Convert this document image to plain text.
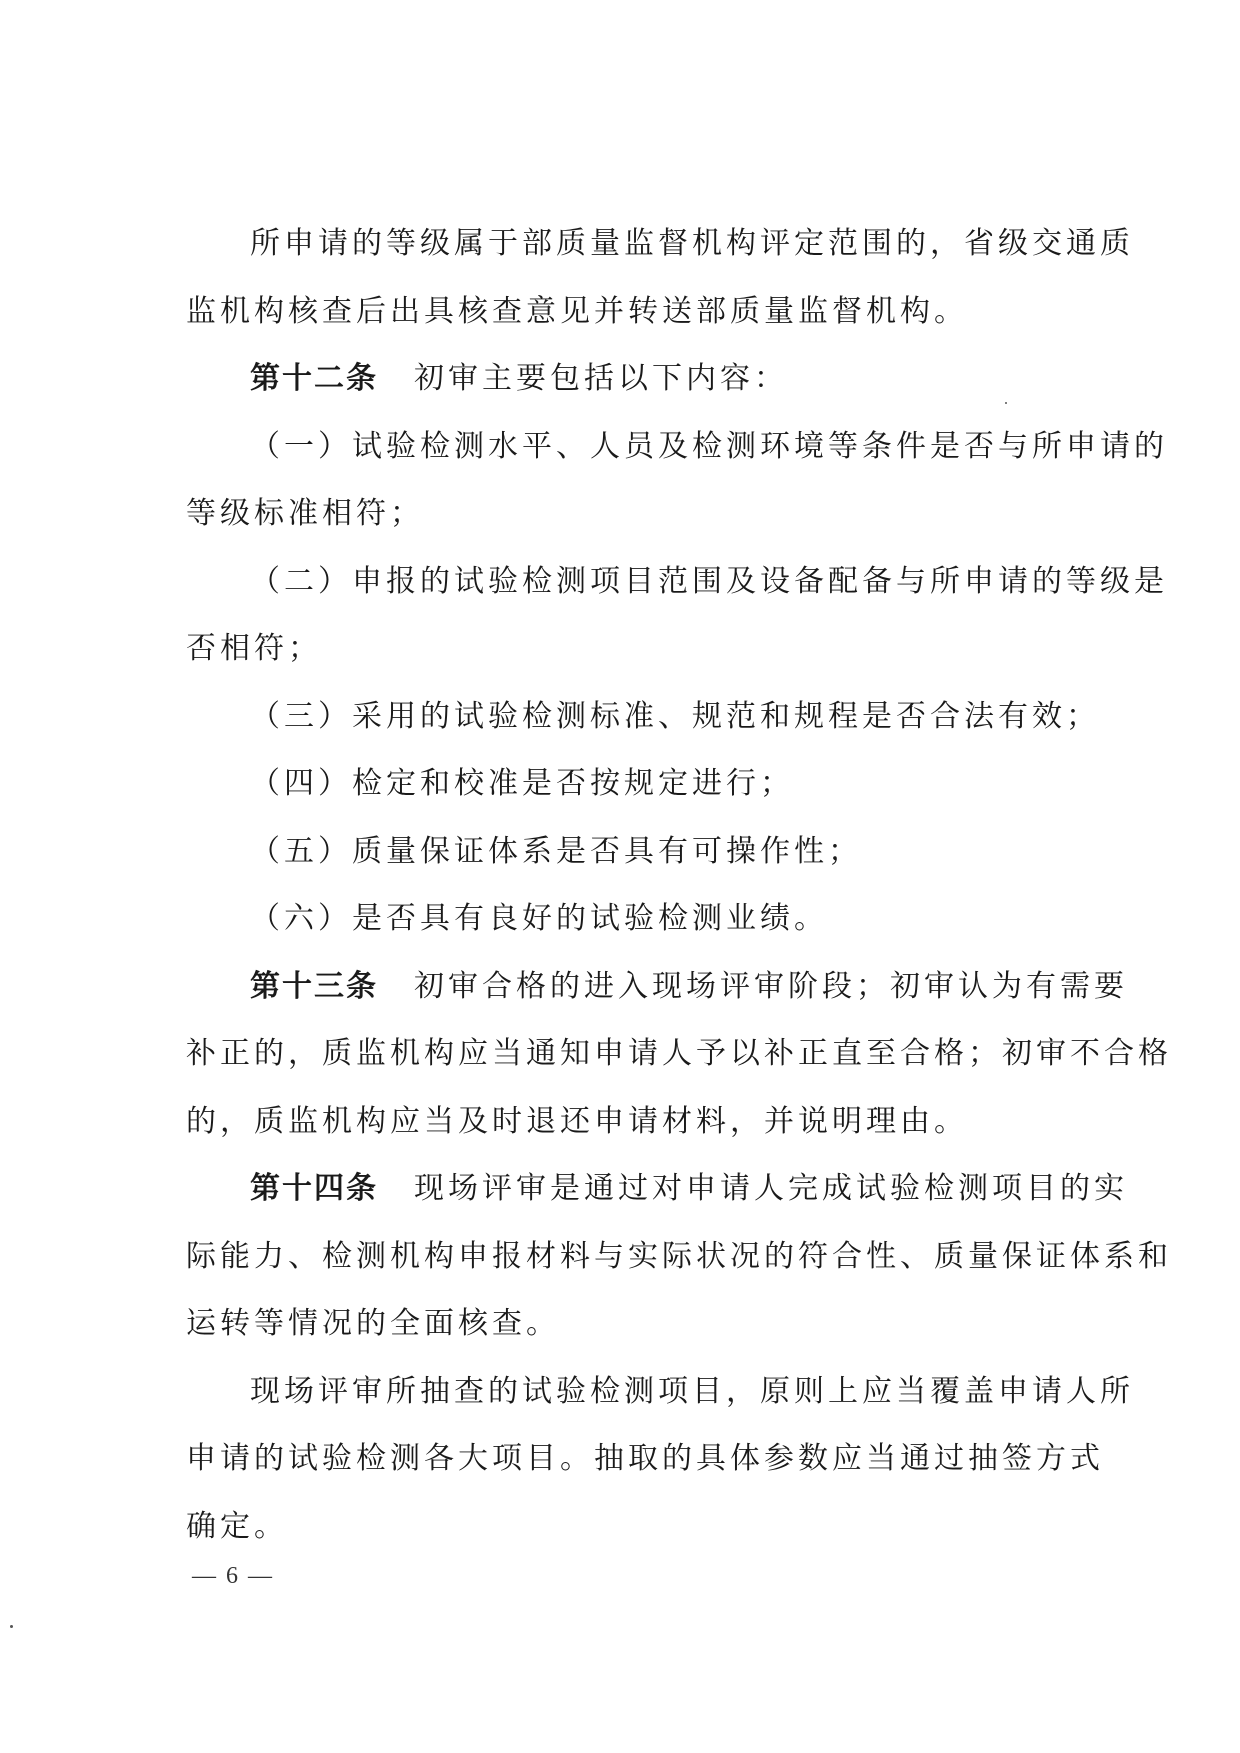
所申请的等级属于部质量监督机构评定范围的，省级交通质
监机构核查后出具核查意见并转送部质量监督机构。
第十二条 初审主要包括以下内容：
（一）试验检测水平、人员及检测环境等条件是否与所申请的
等级标准相符；
（二）申报的试验检测项目范围及设备配备与所申请的等级是
否相符；
（三）采用的试验检测标准、规范和规程是否合法有效；
（四）检定和校准是否按规定进行；
（五）质量保证体系是否具有可操作性；
（六）是否具有良好的试验检测业绩。
第十三条 初审合格的进入现场评审阶段；初审认为有需要
补正的，质监机构应当通知申请人予以补正直至合格；初审不合格
的，质监机构应当及时退还申请材料，并说明理由。
第十四条 现场评审是通过对申请人完成试验检测项目的实
际能力、检测机构申报材料与实际状况的符合性、质量保证体系和
运转等情况的全面核查。
现场评审所抽查的试验检测项目，原则上应当覆盖申请人所
申请的试验检测各大项目。抽取的具体参数应当通过抽签方式
确定。
— 6 —
